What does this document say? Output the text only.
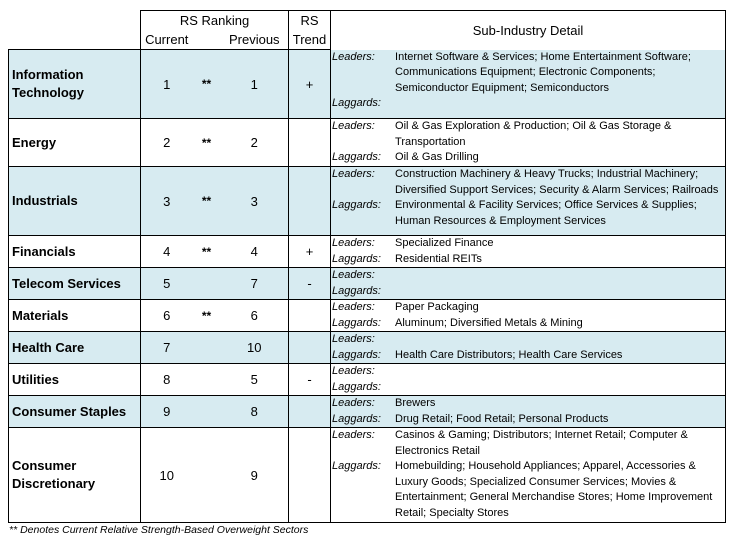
	RS Ranking			RS	Sub-Industry Detail
	Current		Previous	Trend	
Information Technology	1	**	1	+	Leaders: Internet Software & Services; Home Entertainment Software; Communications Equipment; Electronic Components; Semiconductor Equipment; Semiconductors
Laggards:

Energy	2	**	2		Leaders: Oil & Gas Exploration & Production; Oil & Gas Storage & Transportation
Laggards: Oil & Gas Drilling

Industrials	3	**	3		Leaders: Construction Machinery & Heavy Trucks; Industrial Machinery; Diversified Support Services; Security & Alarm Services; Railroads
Laggards: Environmental & Facility Services; Office Services & Supplies; Human Resources & Employment Services

Financials	4	**	4	+	Leaders: Specialized Finance
Laggards: Residential REITs

Telecom Services	5		7	-	Leaders:
Laggards:

Materials	6	**	6		Leaders: Paper Packaging
Laggards: Aluminum; Diversified Metals & Mining

Health Care	7		10		Leaders:
Laggards: Health Care Distributors; Health Care Services

Utilities	8		5	-	Leaders:
Laggards:

Consumer Staples	9		8		Leaders: Brewers
Laggards: Drug Retail; Food Retail; Personal Products

Consumer Discretionary	10		9		Leaders: Casinos & Gaming; Distributors; Internet Retail; Computer & Electronics Retail
Laggards: Homebuilding; Household Appliances; Apparel, Accessories & Luxury Goods; Specialized Consumer Services; Movies & Entertainment; General Merchandise Stores; Home Improvement Retail; Specialty Stores
** Denotes Current Relative Strength-Based Overweight Sectors
